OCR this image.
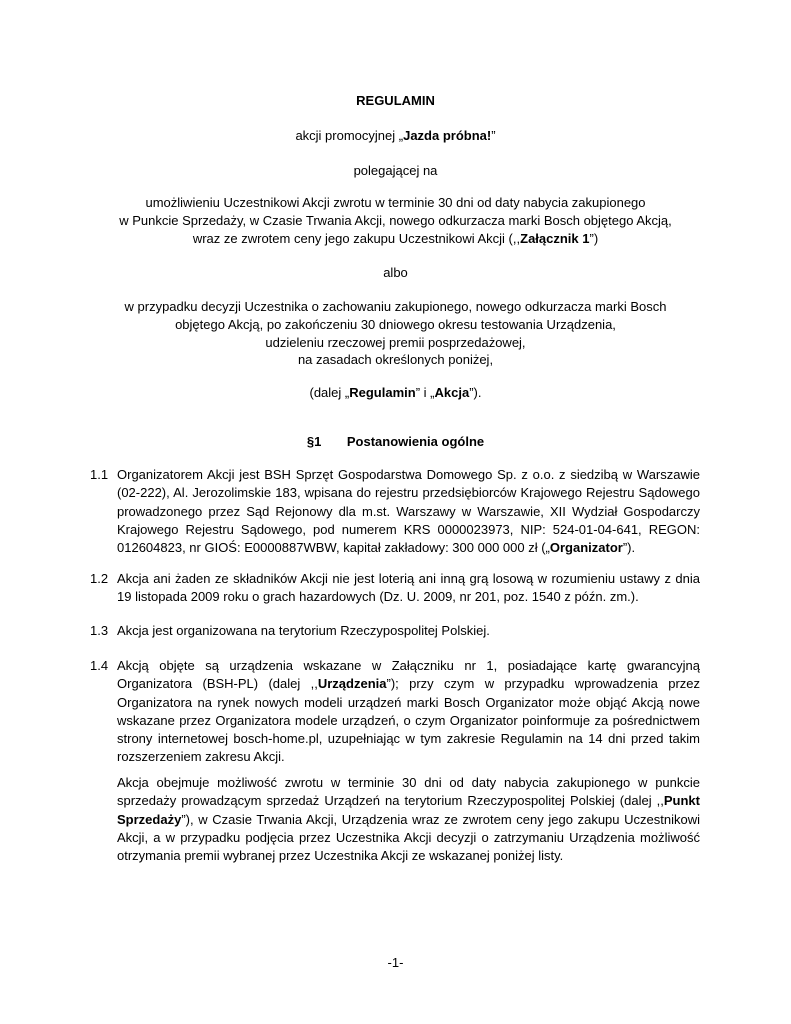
REGULAMIN
akcji promocyjnej „Jazda próbna!”
polegającej na
umożliwieniu Uczestnikowi Akcji zwrotu w terminie 30 dni od daty nabycia zakupionego
w Punkcie Sprzedaży, w Czasie Trwania Akcji, nowego odkurzacza marki Bosch objętego Akcją,
wraz ze zwrotem ceny jego zakupu Uczestnikowi Akcji (,,Załącznik 1”)
albo
w przypadku decyzji Uczestnika o zachowaniu zakupionego, nowego odkurzacza marki Bosch
objętego Akcją, po zakończeniu 30 dniowego okresu testowania Urządzenia,
udzieleniu rzeczowej premii posprzedażowej,
na zasadach określonych poniżej,
(dalej „Regulamin” i „Akcja”).
§1 Postanowienia ogólne
1.1 Organizatorem Akcji jest BSH Sprzęt Gospodarstwa Domowego Sp. z o.o. z siedzibą w Warszawie (02-222), Al. Jerozolimskie 183, wpisana do rejestru przedsiębiorców Krajowego Rejestru Sądowego prowadzonego przez Sąd Rejonowy dla m.st. Warszawy w Warszawie, XII Wydział Gospodarczy Krajowego Rejestru Sądowego, pod numerem KRS 0000023973, NIP: 524-01-04-641, REGON: 012604823, nr GIOŚ: E0000887WBW, kapitał zakładowy: 300 000 000 zł („Organizator”).
1.2 Akcja ani żaden ze składników Akcji nie jest loterią ani inną grą losową w rozumieniu ustawy z dnia 19 listopada 2009 roku o grach hazardowych (Dz. U. 2009, nr 201, poz. 1540 z późn. zm.).
1.3 Akcja jest organizowana na terytorium Rzeczypospolitej Polskiej.
1.4 Akcją objęte są urządzenia wskazane w Załączniku nr 1, posiadające kartę gwarancyjną Organizatora (BSH-PL) (dalej ,,Urządzenia”); przy czym w przypadku wprowadzenia przez Organizatora na rynek nowych modeli urządzeń marki Bosch Organizator może objąć Akcją nowe wskazane przez Organizatora modele urządzeń, o czym Organizator poinformuje za pośrednictwem strony internetowej bosch-home.pl, uzupełniając w tym zakresie Regulamin na 14 dni przed takim rozszerzeniem zakresu Akcji.
Akcja obejmuje możliwość zwrotu w terminie 30 dni od daty nabycia zakupionego w punkcie sprzedaży prowadzącym sprzedaż Urządzeń na terytorium Rzeczypospolitej Polskiej (dalej ,,Punkt Sprzedaży”), w Czasie Trwania Akcji, Urządzenia wraz ze zwrotem ceny jego zakupu Uczestnikowi Akcji, a w przypadku podjęcia przez Uczestnika Akcji decyzji o zatrzymaniu Urządzenia możliwość otrzymania premii wybranej przez Uczestnika Akcji ze wskazanej poniżej listy.
-1-
